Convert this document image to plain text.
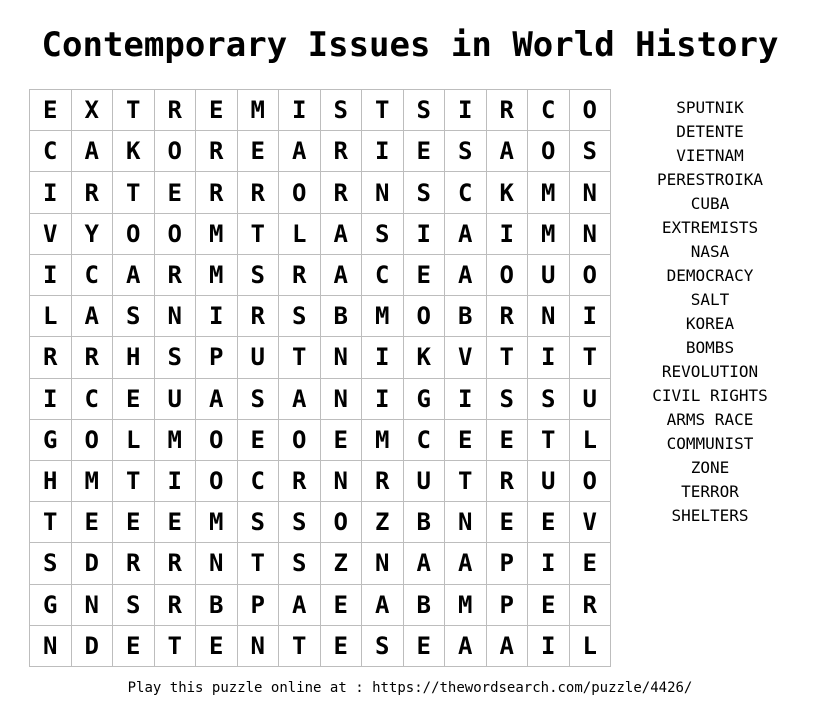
Contemporary Issues in World History
E	X	T	R	E	M	I	S	T	S	I	R	C	O
C	A	K	O	R	E	A	R	I	E	S	A	O	S
I	R	T	E	R	R	O	R	N	S	C	K	M	N
V	Y	O	O	M	T	L	A	S	I	A	I	M	N
I	C	A	R	M	S	R	A	C	E	A	O	U	O
L	A	S	N	I	R	S	B	M	O	B	R	N	I
R	R	H	S	P	U	T	N	I	K	V	T	I	T
I	C	E	U	A	S	A	N	I	G	I	S	S	U
G	O	L	M	O	E	O	E	M	C	E	E	T	L
H	M	T	I	O	C	R	N	R	U	T	R	U	O
T	E	E	E	M	S	S	O	Z	B	N	E	E	V
S	D	R	R	N	T	S	Z	N	A	A	P	I	E
G	N	S	R	B	P	A	E	A	B	M	P	E	R
N	D	E	T	E	N	T	E	S	E	A	A	I	L
SPUTNIK
DETENTE
VIETNAM
PERESTROIKA
CUBA
EXTREMISTS
NASA
DEMOCRACY
SALT
KOREA
BOMBS
REVOLUTION
CIVIL RIGHTS
ARMS RACE
COMMUNIST
ZONE
TERROR
SHELTERS
Play this puzzle online at : https://thewordsearch.com/puzzle/4426/
